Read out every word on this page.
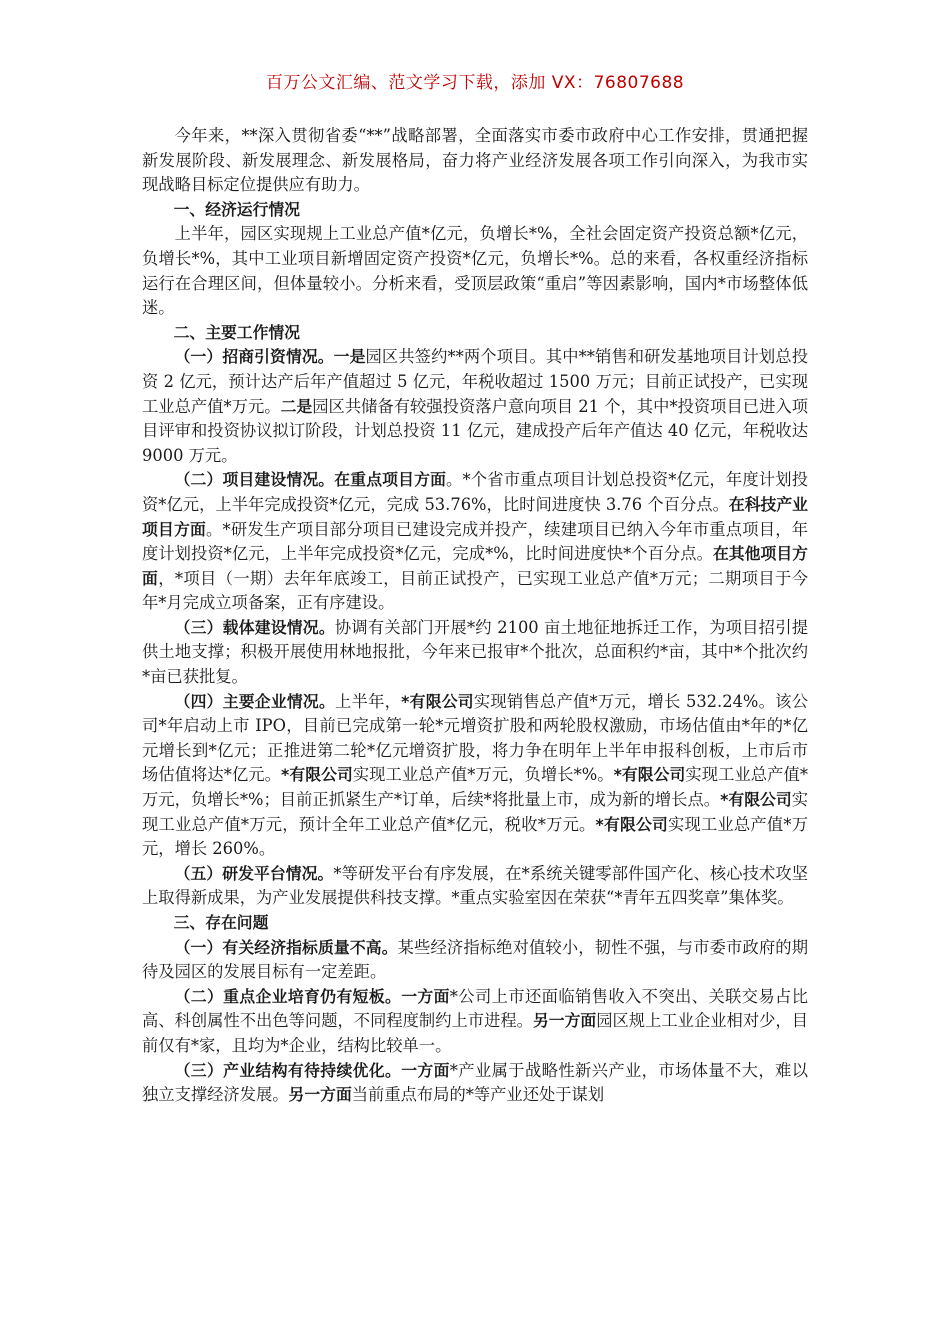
百万公文汇编、范文学习下载，添加 VX：76807688

今年来，**深入贯彻省委“**”战略部署，全面落实市委市政府中心工作安排，贯通把握新发展阶段、新发展理念、新发展格局，奋力将产业经济发展各项工作引向深入，为我市实现战略目标定位提供应有助力。

一、经济运行情况

上半年，园区实现规上工业总产值*亿元，负增长*%，全社会固定资产投资总额*亿元，负增长*%，其中工业项目新增固定资产投资*亿元，负增长*%。总的来看，各权重经济指标运行在合理区间，但体量较小。分析来看，受顶层政策“重启”等因素影响，国内*市场整体低迷。

二、主要工作情况

（一）招商引资情况。一是园区共签约**两个项目。其中**销售和研发基地项目计划总投资 2 亿元，预计达产后年产值超过 5 亿元，年税收超过 1500 万元；目前正试投产，已实现工业总产值*万元。二是园区共储备有较强投资落户意向项目 21 个，其中*投资项目已进入项目评审和投资协议拟订阶段，计划总投资 11 亿元，建成投产后年产值达 40 亿元，年税收达 9000 万元。

（二）项目建设情况。在重点项目方面。*个省市重点项目计划总投资*亿元，年度计划投资*亿元，上半年完成投资*亿元，完成 53.76%，比时间进度快 3.76 个百分点。在科技产业项目方面。*研发生产项目部分项目已建设完成并投产，续建项目已纳入今年市重点项目，年度计划投资*亿元，上半年完成投资*亿元，完成*%，比时间进度快*个百分点。在其他项目方面，*项目（一期）去年年底竣工，目前正试投产，已实现工业总产值*万元；二期项目于今年*月完成立项备案，正有序建设。

（三）载体建设情况。协调有关部门开展*约 2100 亩土地征地拆迁工作，为项目招引提供土地支撑；积极开展使用林地报批，今年来已报审*个批次，总面积约*亩，其中*个批次约*亩已获批复。

（四）主要企业情况。上半年，*有限公司实现销售总产值*万元，增长 532.24%。该公司*年启动上市 IPO，目前已完成第一轮*元增资扩股和两轮股权激励，市场估值由*年的*亿元增长到*亿元；正推进第二轮*亿元增资扩股，将力争在明年上半年申报科创板，上市后市场估值将达*亿元。*有限公司实现工业总产值*万元，负增长*%。*有限公司实现工业总产值*万元，负增长*%；目前正抓紧生产*订单，后续*将批量上市，成为新的增长点。*有限公司实现工业总产值*万元，预计全年工业总产值*亿元，税收*万元。*有限公司实现工业总产值*万元，增长 260%。

（五）研发平台情况。*等研发平台有序发展，在*系统关键零部件国产化、核心技术攻坚上取得新成果，为产业发展提供科技支撑。*重点实验室因在荣获“*青年五四奖章”集体奖。

三、存在问题

（一）有关经济指标质量不高。某些经济指标绝对值较小，韧性不强，与市委市政府的期待及园区的发展目标有一定差距。

（二）重点企业培育仍有短板。一方面*公司上市还面临销售收入不突出、关联交易占比高、科创属性不出色等问题，不同程度制约上市进程。另一方面园区规上工业企业相对少，目前仅有*家，且均为*企业，结构比较单一。

（三）产业结构有待持续优化。一方面*产业属于战略性新兴产业，市场体量不大，难以独立支撑经济发展。另一方面当前重点布局的*等产业还处于谋划
